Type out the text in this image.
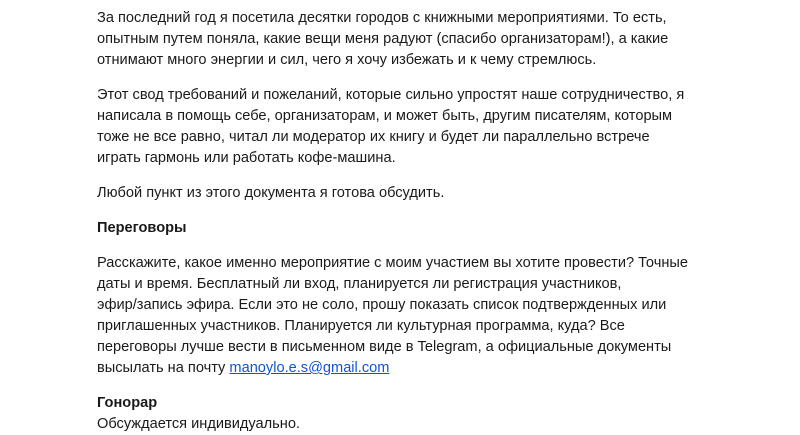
За последний год я посетила десятки городов с книжными мероприятиями. То есть,
опытным путем поняла, какие вещи меня радуют (спасибо организаторам!), а какие
отнимают много энергии и сил, чего я хочу избежать и к чему стремлюсь.

Этот свод требований и пожеланий, которые сильно упростят наше сотрудничество, я
написала в помощь себе, организаторам, и может быть, другим писателям, которым
тоже не все равно, читал ли модератор их книгу и будет ли параллельно встрече
играть гармонь или работать кофе-машина.

Любой пункт из этого документа я готова обсудить.

Переговоры

Расскажите, какое именно мероприятие с моим участием вы хотите провести? Точные
даты и время. Бесплатный ли вход, планируется ли регистрация участников,
эфир/запись эфира. Если это не соло, прошу показать список подтвержденных или
приглашенных участников. Планируется ли культурная программа, куда? Все
переговоры лучше вести в письменном виде в Telegram, а официальные документы
высылать на почту manoylo.e.s@gmail.com

Гонорар
Обсуждается индивидуально.
